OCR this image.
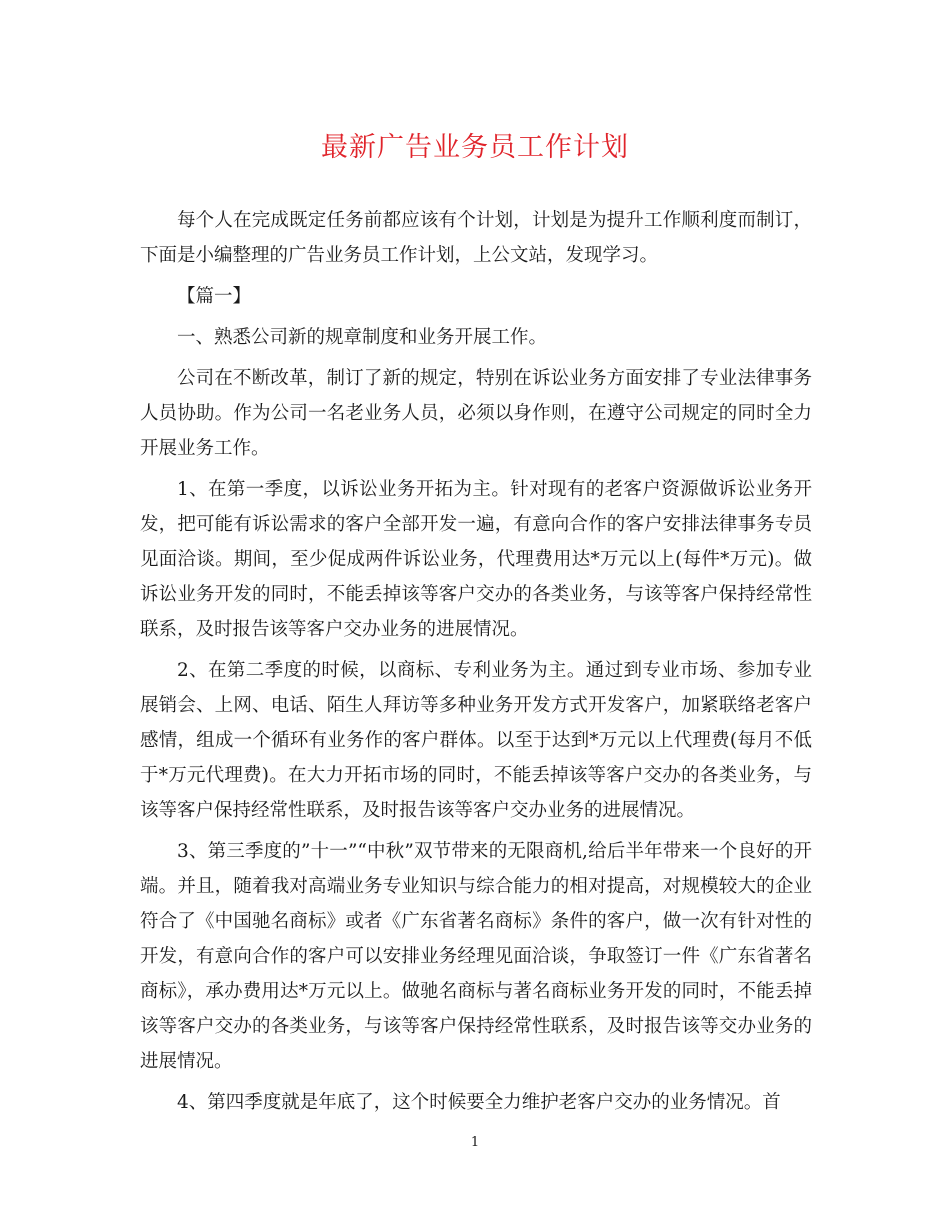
最新广告业务员工作计划

每个人在完成既定任务前都应该有个计划，计划是为提升工作顺利度而制订，下面是小编整理的广告业务员工作计划，上公文站，发现学习。

【篇一】

一、熟悉公司新的规章制度和业务开展工作。

公司在不断改革，制订了新的规定，特别在诉讼业务方面安排了专业法律事务人员协助。作为公司一名老业务人员，必须以身作则，在遵守公司规定的同时全力开展业务工作。

1、在第一季度，以诉讼业务开拓为主。针对现有的老客户资源做诉讼业务开发，把可能有诉讼需求的客户全部开发一遍，有意向合作的客户安排法律事务专员见面洽谈。期间，至少促成两件诉讼业务，代理费用达*万元以上(每件*万元)。做诉讼业务开发的同时，不能丢掉该等客户交办的各类业务，与该等客户保持经常性联系，及时报告该等客户交办业务的进展情况。

2、在第二季度的时候，以商标、专利业务为主。通过到专业市场、参加专业展销会、上网、电话、陌生人拜访等多种业务开发方式开发客户，加紧联络老客户感情，组成一个循环有业务作的客户群体。以至于达到*万元以上代理费(每月不低于*万元代理费)。在大力开拓市场的同时，不能丢掉该等客户交办的各类业务，与该等客户保持经常性联系，及时报告该等客户交办业务的进展情况。

3、第三季度的”十一”“中秋”双节带来的无限商机,给后半年带来一个良好的开端。并且，随着我对高端业务专业知识与综合能力的相对提高，对规模较大的企业符合了《中国驰名商标》或者《广东省著名商标》条件的客户，做一次有针对性的开发，有意向合作的客户可以安排业务经理见面洽谈，争取签订一件《广东省著名商标》，承办费用达*万元以上。做驰名商标与著名商标业务开发的同时，不能丢掉该等客户交办的各类业务，与该等客户保持经常性联系，及时报告该等交办业务的进展情况。

4、第四季度就是年底了，这个时候要全力维护老客户交办的业务情况。首

1
